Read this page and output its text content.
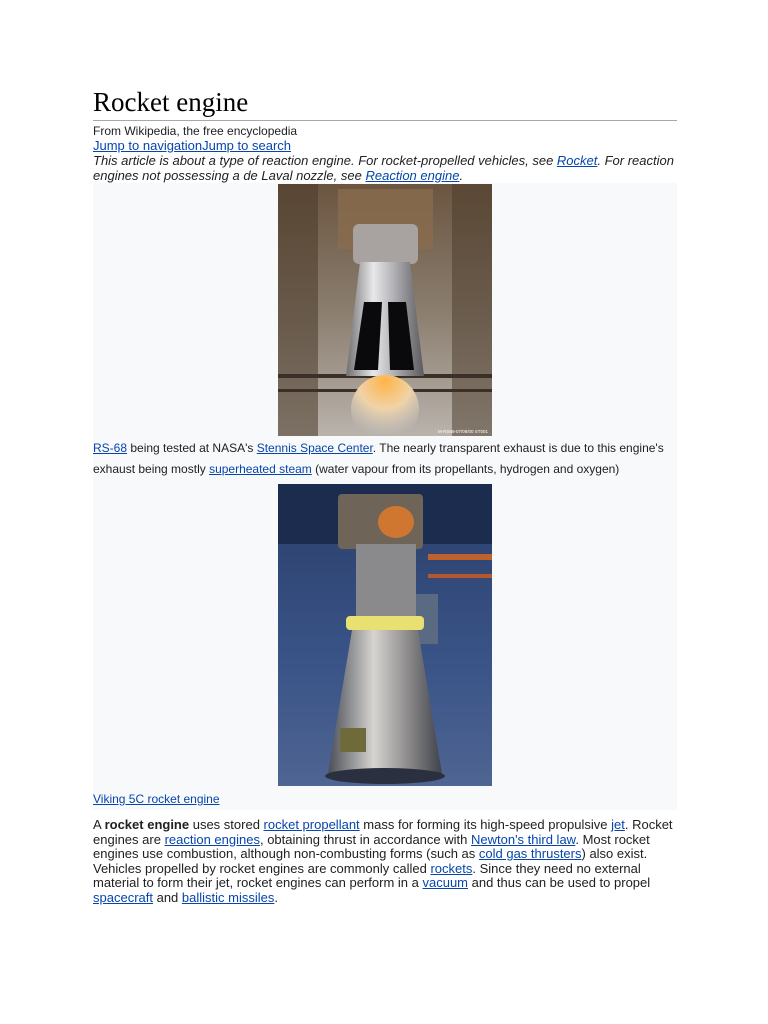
Rocket engine
From Wikipedia, the free encyclopedia
Jump to navigationJump to search
This article is about a type of reaction engine. For rocket-propelled vehicles, see Rocket. For reaction engines not possessing a de Laval nozzle, see Reaction engine.
M-RS68-07/08/00 ST001
RS-68 being tested at NASA's Stennis Space Center. The nearly transparent exhaust is due to this engine's exhaust being mostly superheated steam (water vapour from its propellants, hydrogen and oxygen)
Viking 5C rocket engine
A rocket engine uses stored rocket propellant mass for forming its high-speed propulsive jet. Rocket engines are reaction engines, obtaining thrust in accordance with Newton's third law. Most rocket engines use combustion, although non-combusting forms (such as cold gas thrusters) also exist. Vehicles propelled by rocket engines are commonly called rockets. Since they need no external material to form their jet, rocket engines can perform in a vacuum and thus can be used to propel spacecraft and ballistic missiles.
